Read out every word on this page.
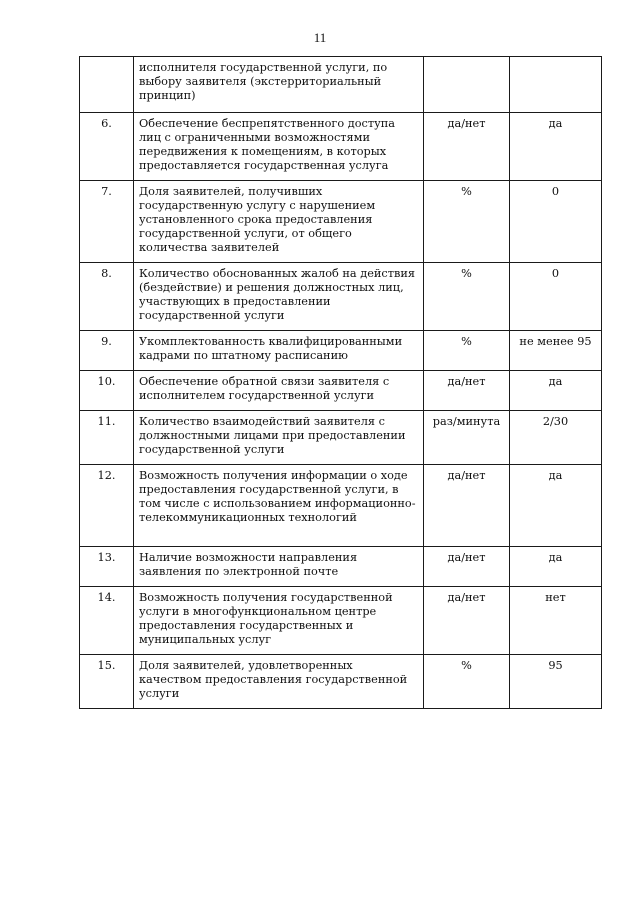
11
	исполнителя государственной услуги, по выбору заявителя (экстерриториальный принцип)		
6.	Обеспечение беспрепятственного доступа лиц с ограниченными возможностями передвижения к помещениям, в которых предоставляется государственная услуга	да/нет	да
7.	Доля заявителей, получивших государственную услугу с нарушением установленного срока предоставления государственной услуги, от общего количества заявителей	%	0
8.	Количество обоснованных жалоб на действия (бездействие) и решения должностных лиц, участвующих в предоставлении государственной услуги	%	0
9.	Укомплектованность квалифицированными кадрами по штатному расписанию	%	не менее 95
10.	Обеспечение обратной связи заявителя с исполнителем государственной услуги	да/нет	да
11.	Количество взаимодействий заявителя с должностными лицами при предоставлении государственной услуги	раз/минута	2/30
12.	Возможность получения информации о ходе предоставления государственной услуги, в том числе с использованием информационно-телекоммуникационных технологий	да/нет	да
13.	Наличие возможности направления заявления по электронной почте	да/нет	да
14.	Возможность получения государственной услуги в многофункциональном центре предоставления государственных и муниципальных услуг	да/нет	нет
15.	Доля заявителей, удовлетворенных качеством предоставления государственной услуги	%	95
